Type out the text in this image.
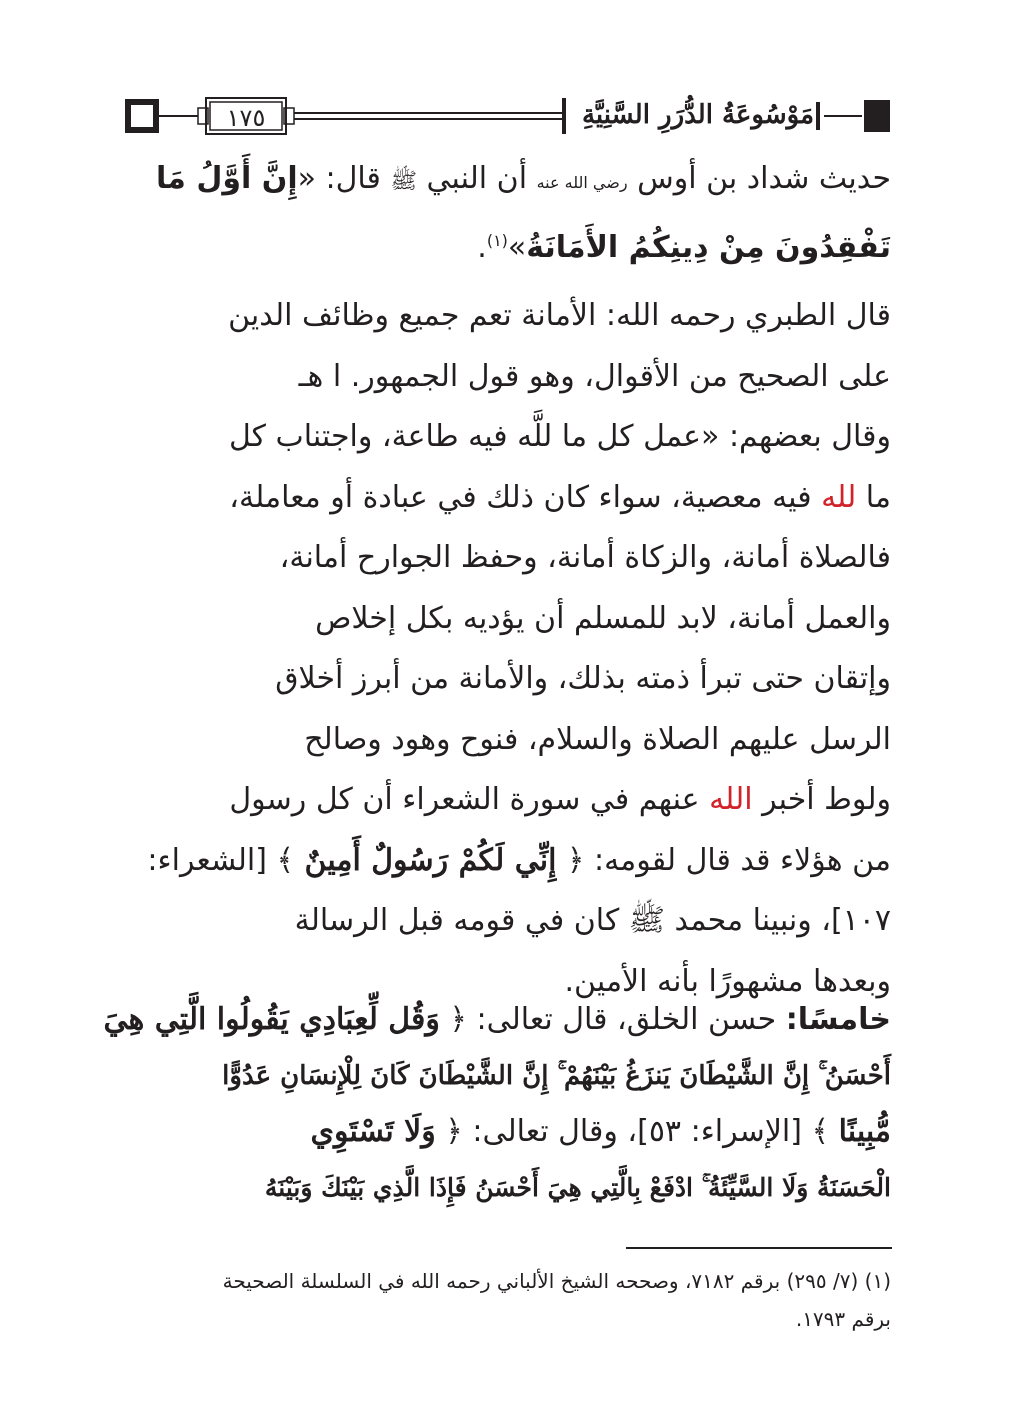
مَوْسُوعَةُ الدُّرَرِ السَّنِيَّةِ
١٧٥
حديث شداد بن أوس رضي الله عنه أن النبي ﷺ قال: «إِنَّ أَوَّلُ مَا
تَفْقِدُونَ مِنْ دِينِكُمُ الأَمَانَةُ»$^{(١)}$.
قال الطبري رحمه الله: الأمانة تعم جميع وظائف الدين
على الصحيح من الأقوال، وهو قول الجمهور. ا هـ
وقال بعضهم: «عمل كل ما للَّه فيه طاعة، واجتناب كل
ما لله فيه معصية، سواء كان ذلك في عبادة أو معاملة،
فالصلاة أمانة، والزكاة أمانة، وحفظ الجوارح أمانة،
والعمل أمانة، لابد للمسلم أن يؤديه بكل إخلاص
وإتقان حتى تبرأ ذمته بذلك، والأمانة من أبرز أخلاق
الرسل عليهم الصلاة والسلام، فنوح وهود وصالح
ولوط أخبر الله عنهم في سورة الشعراء أن كل رسول
من هؤلاء قد قال لقومه: ﴿ إِنِّي لَكُمْ رَسُولٌ أَمِينٌ ﴾ [الشعراء:
١٠٧]، ونبينا محمد ﷺ كان في قومه قبل الرسالة
وبعدها مشهورًا بأنه الأمين.
خامسًا: حسن الخلق، قال تعالى: ﴿ وَقُل لِّعِبَادِي يَقُولُوا الَّتِي هِيَ
أَحْسَنُ ۚ إِنَّ الشَّيْطَانَ يَنزَغُ بَيْنَهُمْ ۚ إِنَّ الشَّيْطَانَ كَانَ لِلْإِنسَانِ عَدُوًّا
مُّبِينًا ﴾ [الإسراء: ٥٣]، وقال تعالى: ﴿ وَلَا تَسْتَوِي
الْحَسَنَةُ وَلَا السَّيِّئَةُ ۚ ادْفَعْ بِالَّتِي هِيَ أَحْسَنُ فَإِذَا الَّذِي بَيْنَكَ وَبَيْنَهُ
(١) (٧/ ٢٩٥) برقم ٧١٨٢، وصححه الشيخ الألباني رحمه الله في السلسلة الصحيحة
برقم ١٧٩٣.
